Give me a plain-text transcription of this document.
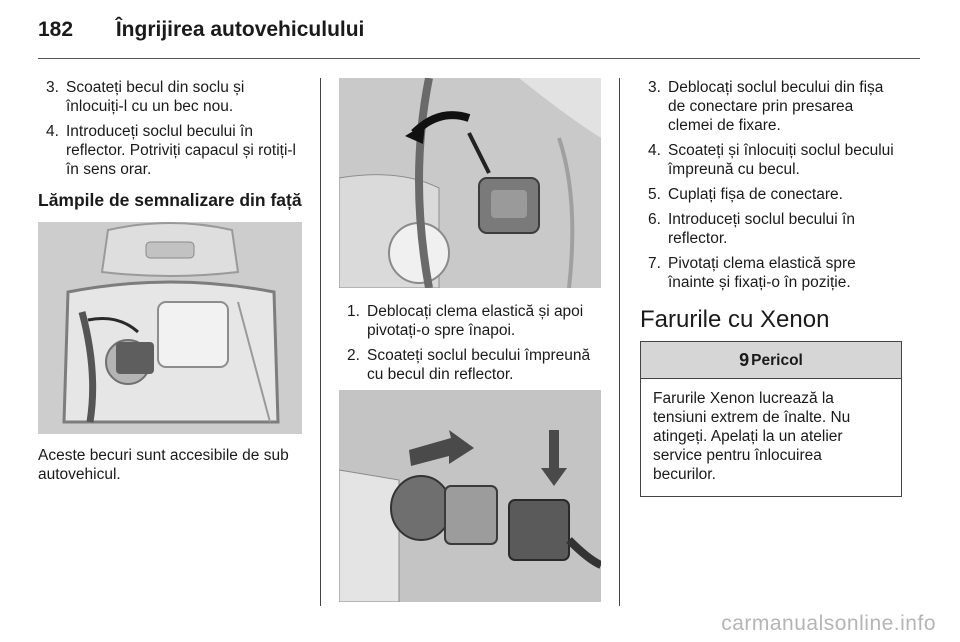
182 Îngrijirea autovehiculului
3. Scoateți becul din soclu și înlocuiți-l cu un bec nou.
4. Introduceți soclul becului în reflector. Potriviți capacul și rotiți-l în sens orar.
Lămpile de semnalizare din față
Aceste becuri sunt accesibile de sub autovehicul.
1. Deblocați clema elastică și apoi pivotați-o spre înapoi.
2. Scoateți soclul becului împreună cu becul din reflector.
3. Deblocați soclul becului din fișa de conectare prin presarea clemei de fixare.
4. Scoateți și înlocuiți soclul becului împreună cu becul.
5. Cuplați fișa de conectare.
6. Introduceți soclul becului în reflector.
7. Pivotați clema elastică spre înainte și fixați-o în poziție.
Farurile cu Xenon
9 Pericol
Farurile Xenon lucrează la tensiuni extrem de înalte. Nu atingeți. Apelați la un atelier service pentru înlocuirea becurilor.
carmanualsonline.info
